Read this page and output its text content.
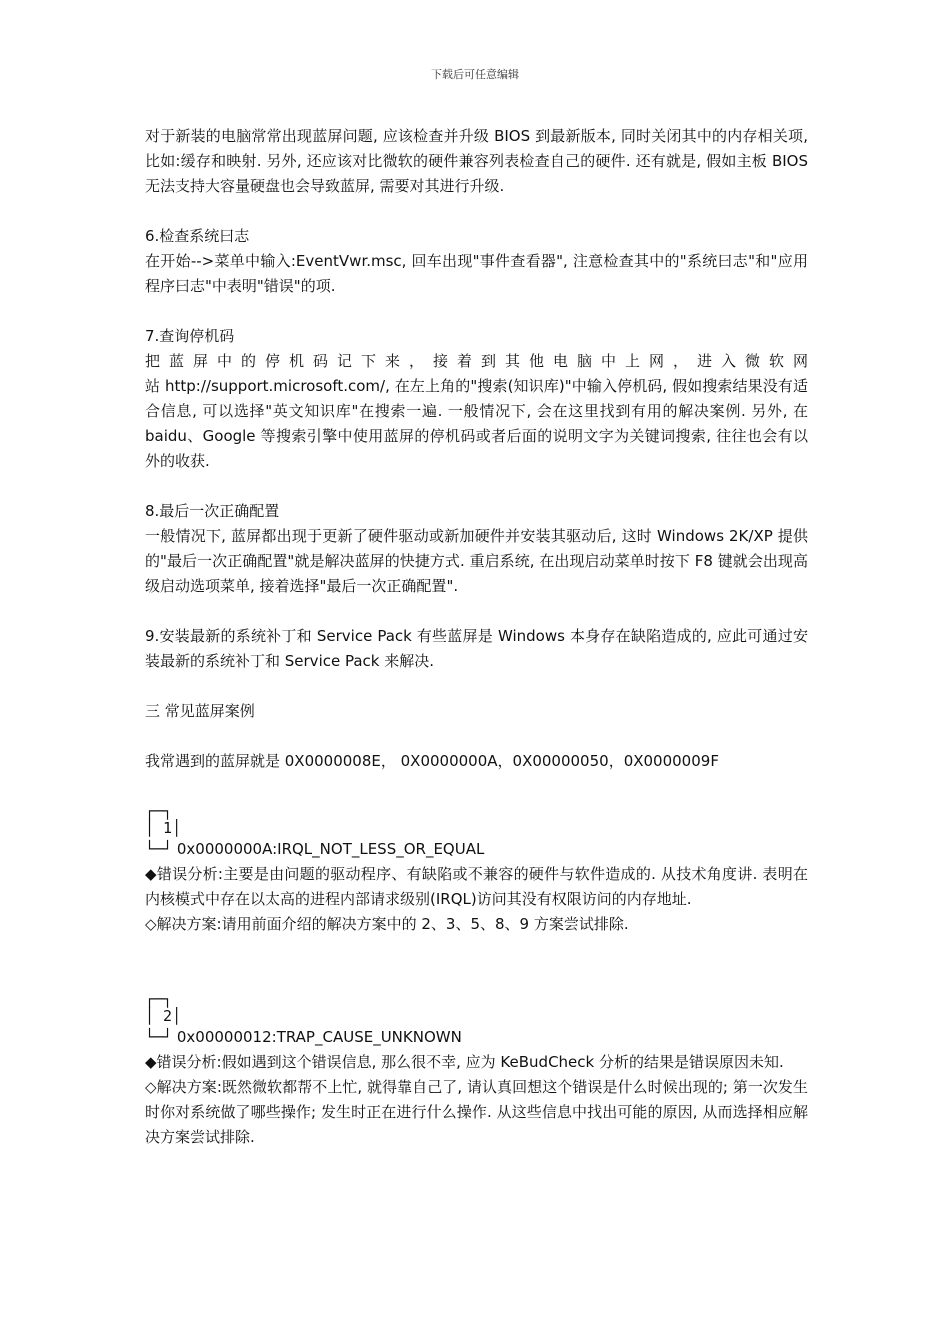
下载后可任意编辑

对于新装的电脑常常出现蓝屏问题, 应该检查并升级 BIOS 到最新版本, 同时关闭其中的内存相关项, 比如:缓存和映射. 另外, 还应该对比微软的硬件兼容列表检查自己的硬件. 还有就是, 假如主板 BIOS 无法支持大容量硬盘也会导致蓝屏, 需要对其进行升级.

6.检查系统曰志

在开始-->菜单中输入:EventVwr.msc, 回车出现"事件查看器", 注意检查其中的"系统曰志"和"应用程序曰志"中表明"错误"的项.

7.查询停机码

把 蓝 屏 中 的 停 机 码 记 下 来 ， 接 着 到 其 他 电 脑 中 上 网 ， 进 入 微 软 网

站 http://support.microsoft.com/, 在左上角的"搜索(知识库)"中输入停机码, 假如搜索结果没有适合信息, 可以选择"英文知识库"在搜索一遍. 一般情况下, 会在这里找到有用的解决案例. 另外, 在 baidu、Google 等搜索引擎中使用蓝屏的停机码或者后面的说明文字为关键词搜索, 往往也会有以外的收获.

8.最后一次正确配置

一般情况下, 蓝屏都出现于更新了硬件驱动或新加硬件并安装其驱动后, 这时 Windows 2K/XP 提供的"最后一次正确配置"就是解决蓝屏的快捷方式. 重启系统, 在出现启动菜单时按下 F8 键就会出现高级启动选项菜单, 接着选择"最后一次正确配置".

9.安装最新的系统补丁和 Service Pack 有些蓝屏是 Windows 本身存在缺陷造成的, 应此可通过安装最新的系统补丁和 Service Pack 来解决.

三 常见蓝屏案例

我常遇到的蓝屏就是 0X0000008E， 0X0000000A，0X00000050，0X0000009F

┌─┐

│ 1│

└─┘ 0x0000000A:IRQL_NOT_LESS_OR_EQUAL

◆错误分析:主要是由问题的驱动程序、有缺陷或不兼容的硬件与软件造成的. 从技术角度讲. 表明在内核模式中存在以太高的进程内部请求级别(IRQL)访问其没有权限访问的内存地址.

◇解决方案:请用前面介绍的解决方案中的 2、3、5、8、9 方案尝试排除.

┌─┐

│ 2│

└─┘ 0x00000012:TRAP_CAUSE_UNKNOWN

◆错误分析:假如遇到这个错误信息, 那么很不幸, 应为 KeBudCheck 分析的结果是错误原因未知.

◇解决方案:既然微软都帮不上忙, 就得靠自己了, 请认真回想这个错误是什么时候出现的; 第一次发生时你对系统做了哪些操作; 发生时正在进行什么操作. 从这些信息中找出可能的原因, 从而选择相应解决方案尝试排除.
